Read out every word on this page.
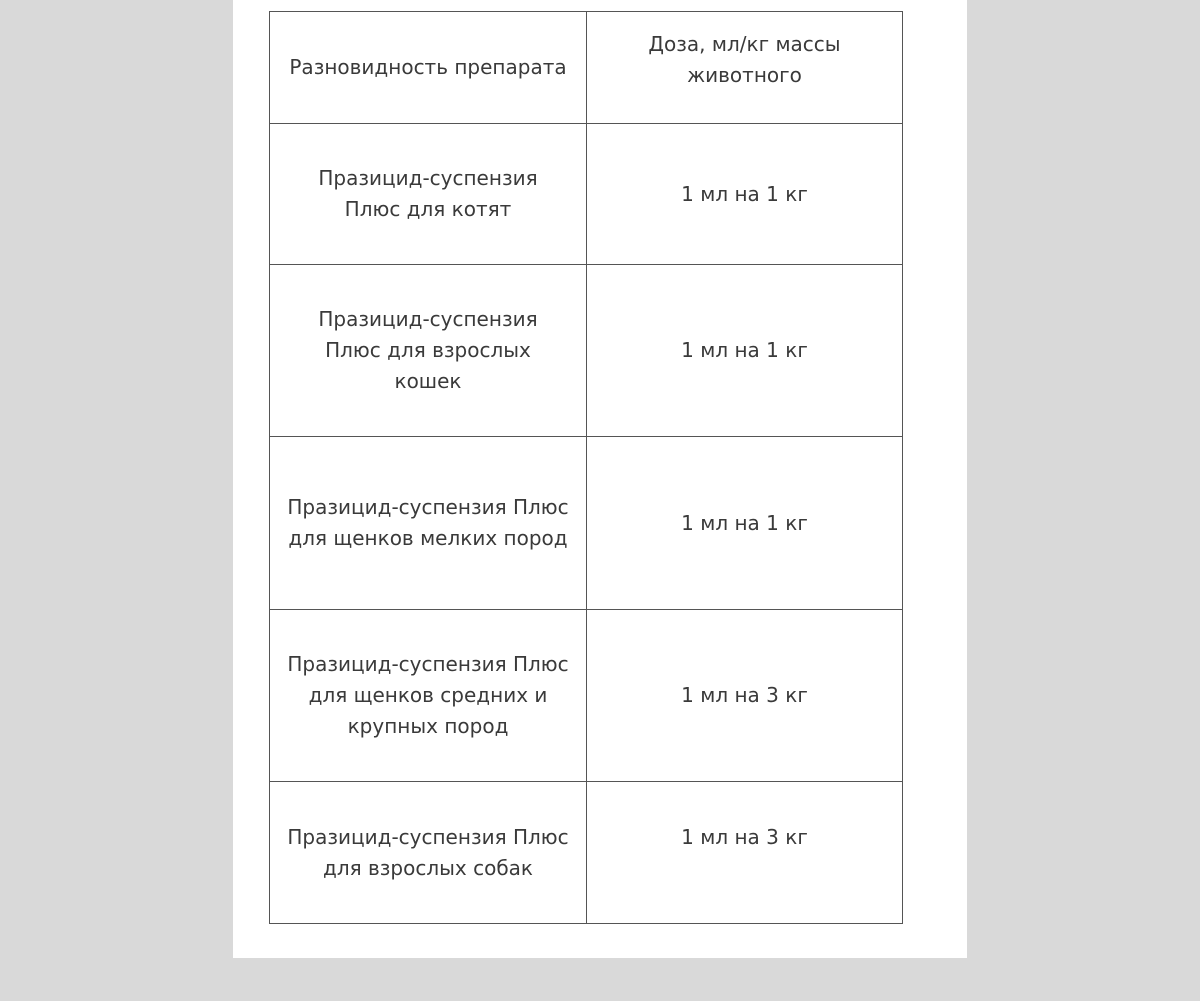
Разновидность препарата	Доза, мл/кг массы животного
Празицид-суспензия Плюс для котят	1 мл на 1 кг
Празицид-суспензия Плюс для взрослых кошек	1 мл на 1 кг
Празицид-суспензия Плюс для щенков мелких пород	1 мл на 1 кг
Празицид-суспензия Плюс для щенков средних и крупных пород	1 мл на 3 кг
Празицид-суспензия Плюс для взрослых собак	1 мл на 3 кг
